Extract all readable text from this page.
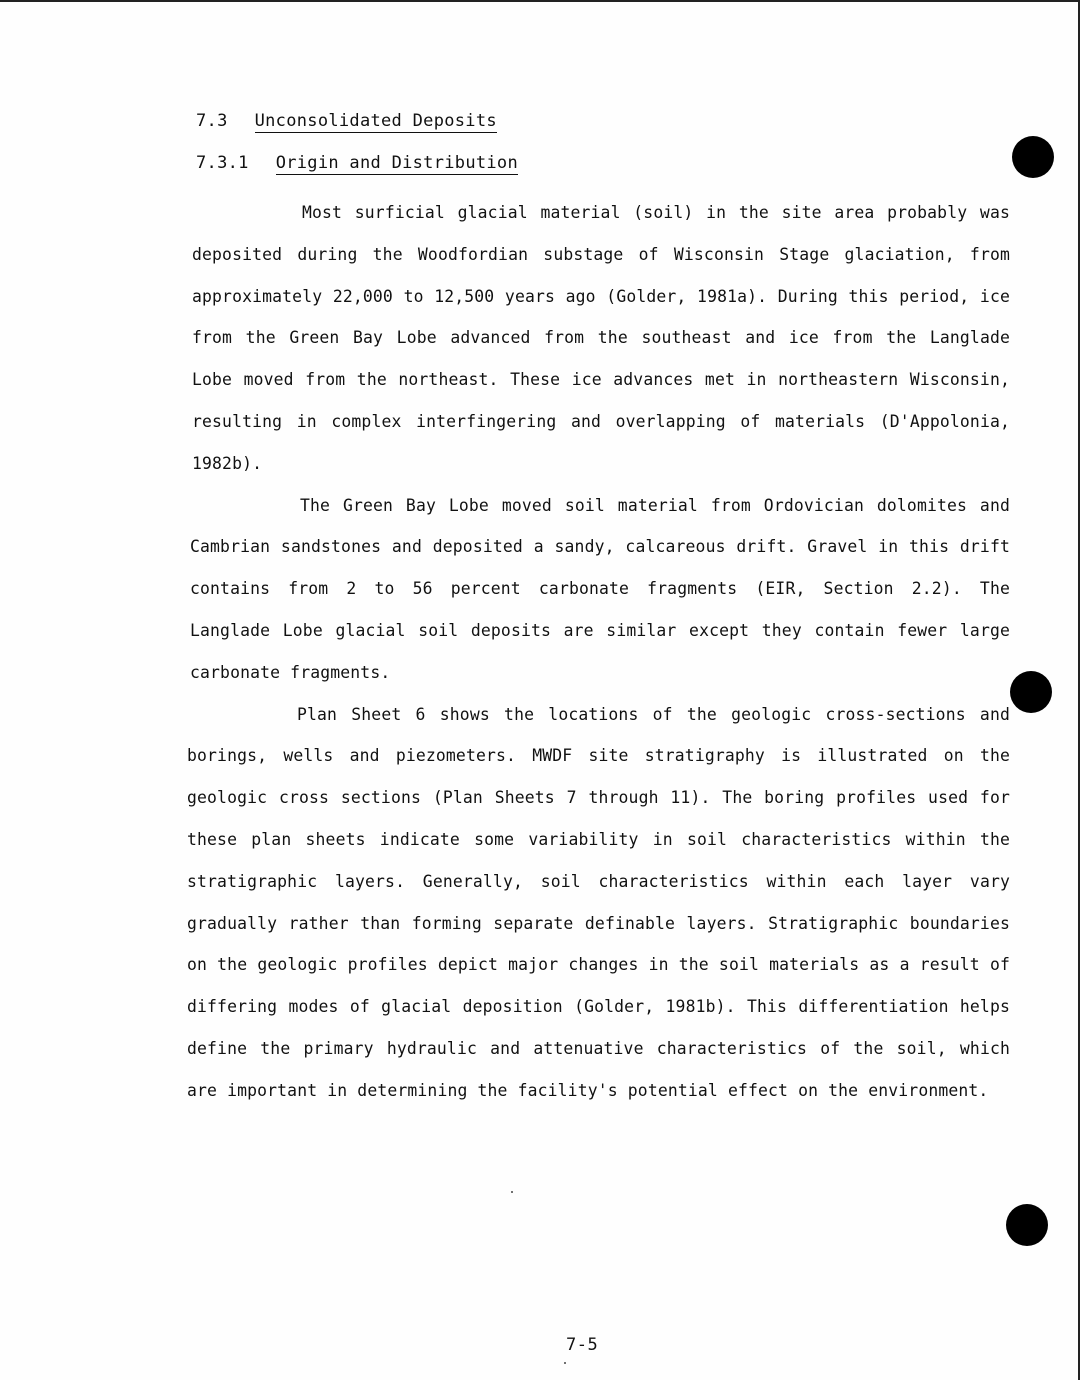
7.3 Unconsolidated Deposits
7.3.1 Origin and Distribution

Most surficial glacial material (soil) in the site area probably was deposited during the Woodfordian substage of Wisconsin Stage glaciation, from approximately 22,000 to 12,500 years ago (Golder, 1981a). During this period, ice from the Green Bay Lobe advanced from the southeast and ice from the Langlade Lobe moved from the northeast. These ice advances met in northeastern Wisconsin, resulting in complex interfingering and overlapping of materials (D'Appolonia, 1982b).

The Green Bay Lobe moved soil material from Ordovician dolomites and Cambrian sandstones and deposited a sandy, calcareous drift. Gravel in this drift contains from 2 to 56 percent carbonate fragments (EIR, Section 2.2). The Langlade Lobe glacial soil deposits are similar except they contain fewer large carbonate fragments.

Plan Sheet 6 shows the locations of the geologic cross-sections and borings, wells and piezometers. MWDF site stratigraphy is illustrated on the geologic cross sections (Plan Sheets 7 through 11). The boring profiles used for these plan sheets indicate some variability in soil characteristics within the stratigraphic layers. Generally, soil characteristics within each layer vary gradually rather than forming separate definable layers. Stratigraphic boundaries on the geologic profiles depict major changes in the soil materials as a result of differing modes of glacial deposition (Golder, 1981b). This differentiation helps define the primary hydraulic and attenuative characteristics of the soil, which are important in determining the facility's potential effect on the environment.

7-5
